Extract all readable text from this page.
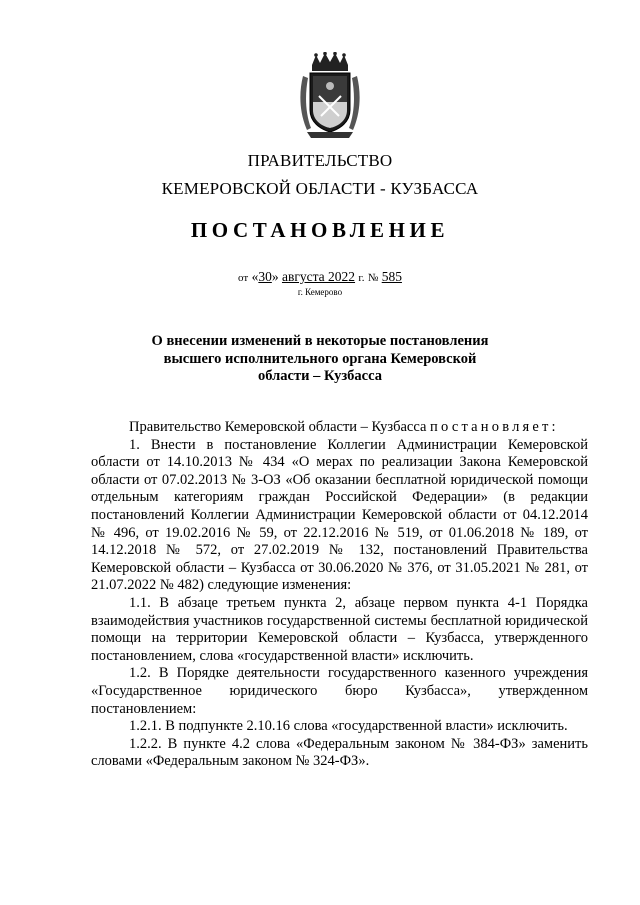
ПРАВИТЕЛЬСТВО
КЕМЕРОВСКОЙ ОБЛАСТИ - КУЗБАССА
ПОСТАНОВЛЕНИЕ
от «30» августа 2022 г. № 585
г. Кемерово
О внесении изменений в некоторые постановления
высшего исполнительного органа Кемеровской
области – Кузбасса

Правительство Кемеровской области – Кузбасса постановляет:

1. Внести в постановление Коллегии Администрации Кемеровской области от 14.10.2013 № 434 «О мерах по реализации Закона Кемеровской области от 07.02.2013 № 3-ОЗ «Об оказании бесплатной юридической помощи отдельным категориям граждан Российской Федерации» (в редакции постановлений Коллегии Администрации Кемеровской области от 04.12.2014 № 496, от 19.02.2016 № 59, от 22.12.2016 № 519, от 01.06.2018 № 189, от 14.12.2018 № 572, от 27.02.2019 № 132, постановлений Правительства Кемеровской области – Кузбасса от 30.06.2020 № 376, от 31.05.2021 № 281, от 21.07.2022 № 482) следующие изменения:

1.1. В абзаце третьем пункта 2, абзаце первом пункта 4-1 Порядка взаимодействия участников государственной системы бесплатной юридической помощи на территории Кемеровской области – Кузбасса, утвержденного постановлением, слова «государственной власти» исключить.

1.2. В Порядке деятельности государственного казенного учреждения «Государственное юридического бюро Кузбасса», утвержденном постановлением:

1.2.1. В подпункте 2.10.16 слова «государственной власти» исключить.

1.2.2. В пункте 4.2 слова «Федеральным законом № 384-ФЗ» заменить словами «Федеральным законом № 324-ФЗ».
